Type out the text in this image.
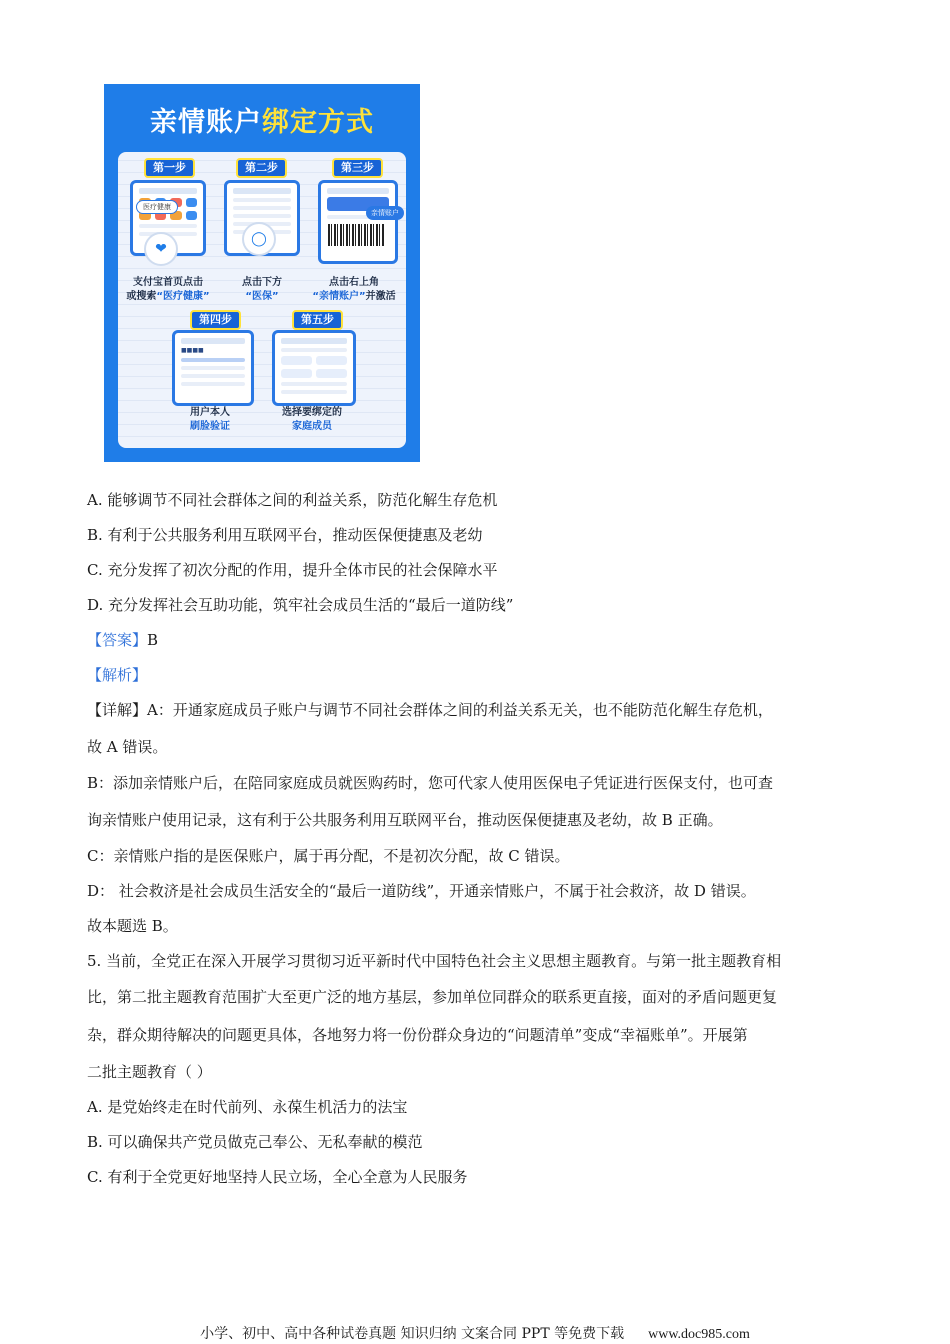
亲情账户绑定方式
第一步
医疗健康
❤
支付宝首页点击
或搜索“医疗健康”
第二步
◯
点击下方
“医保”
第三步
亲情账户
点击右上角
“亲情账户”并激活
第四步
■■■■
用户本人
刷脸验证
第五步
选择要绑定的
家庭成员
A. 能够调节不同社会群体之间的利益关系，防范化解生存危机
B. 有利于公共服务利用互联网平台，推动医保便捷惠及老幼
C. 充分发挥了初次分配的作用，提升全体市民的社会保障水平
D. 充分发挥社会互助功能，筑牢社会成员生活的“最后一道防线”
【答案】B
【解析】
【详解】A：开通家庭成员子账户与调节不同社会群体之间的利益关系无关，也不能防范化解生存危机，
故 A 错误。
B：添加亲情账户后，在陪同家庭成员就医购药时，您可代家人使用医保电子凭证进行医保支付，也可查
询亲情账户使用记录，这有利于公共服务利用互联网平台，推动医保便捷惠及老幼，故 B 正确。
C：亲情账户指的是医保账户，属于再分配，不是初次分配，故 C 错误。
D： 社会救济是社会成员生活安全的“最后一道防线”，开通亲情账户，不属于社会救济，故 D 错误。
故本题选 B。
5. 当前，全党正在深入开展学习贯彻习近平新时代中国特色社会主义思想主题教育。与第一批主题教育相
比，第二批主题教育范围扩大至更广泛的地方基层，参加单位同群众的联系更直接，面对的矛盾问题更复
杂，群众期待解决的问题更具体，各地努力将一份份群众身边的“问题清单”变成“幸福账单”。开展第
二批主题教育（ ）
A. 是党始终走在时代前列、永葆生机活力的法宝
B. 可以确保共产党员做克己奉公、无私奉献的模范
C. 有利于全党更好地坚持人民立场，全心全意为人民服务
小学、初中、高中各种试卷真题 知识归纳 文案合同 PPT 等免费下载 www.doc985.com
